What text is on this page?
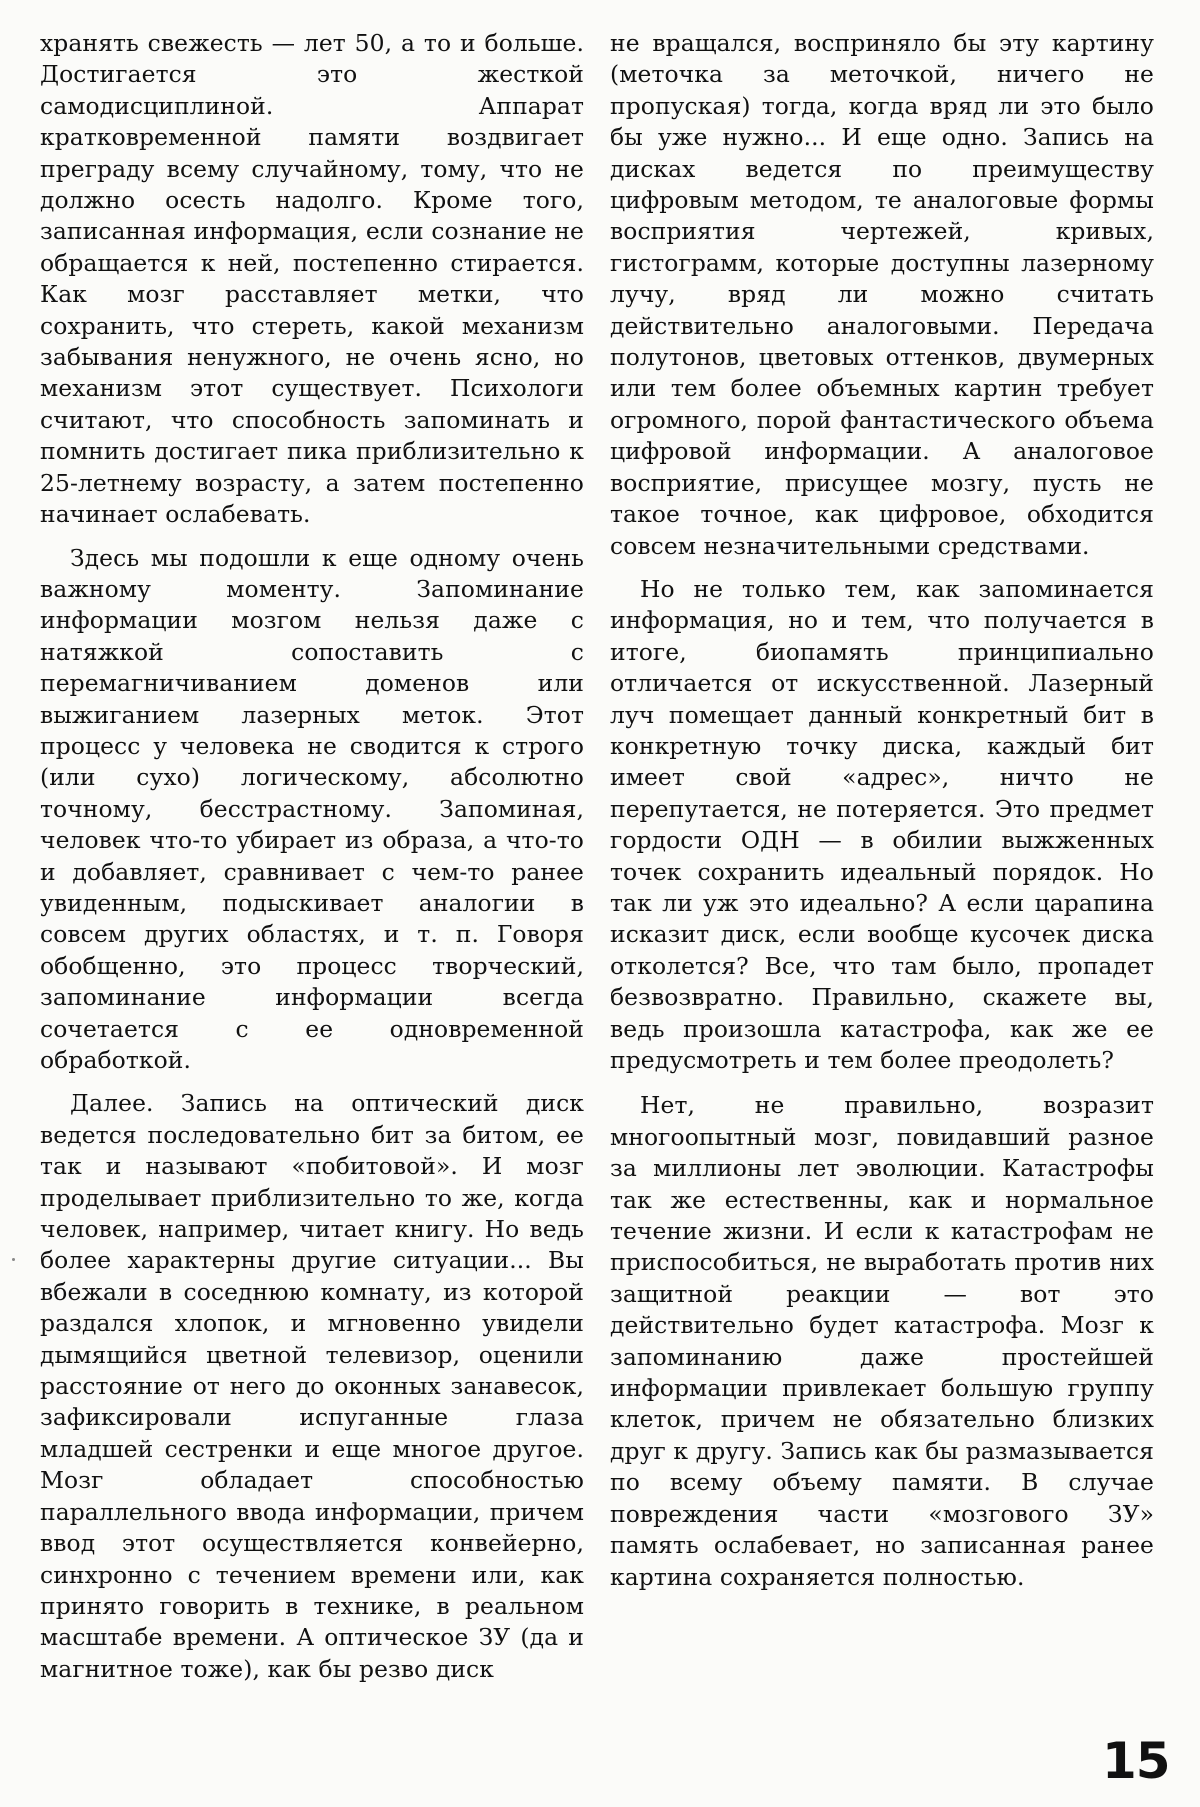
хранять свежесть — лет 50, а то и больше. Достигается это жесткой самодисциплиной. Аппарат кратковременной памяти воздвигает преграду всему случайному, тому, что не должно осесть надолго. Кроме того, записанная информация, если сознание не обращается к ней, постепенно стирается. Как мозг расставляет метки, что сохранить, что стереть, какой механизм забывания ненужного, не очень ясно, но механизм этот существует. Психологи считают, что способность запоминать и помнить достигает пика приблизительно к 25-летнему возрасту, а затем постепенно начинает ослабевать.

Здесь мы подошли к еще одному очень важному моменту. Запоминание информации мозгом нельзя даже с натяжкой сопоставить с перемагничиванием доменов или выжиганием лазерных меток. Этот процесс у человека не сводится к строго (или сухо) логическому, абсолютно точному, бесстрастному. Запоминая, человек что-то убирает из образа, а что-то и добавляет, сравнивает с чем-то ранее увиденным, подыскивает аналогии в совсем других областях, и т. п. Говоря обобщенно, это процесс творческий, запоминание информации всегда сочетается с ее одновременной обработкой.

Далее. Запись на оптический диск ведется последовательно бит за битом, ее так и называют «побитовой». И мозг проделывает приблизительно то же, когда человек, например, читает книгу. Но ведь более характерны другие ситуации... Вы вбежали в соседнюю комнату, из которой раздался хлопок, и мгновенно увидели дымящийся цветной телевизор, оценили расстояние от него до оконных занавесок, зафиксировали испуганные глаза младшей сестренки и еще многое другое. Мозг обладает способностью параллельного ввода информации, причем ввод этот осуществляется конвейерно, синхронно с течением времени или, как принято говорить в технике, в реальном масштабе времени. А оптическое ЗУ (да и магнитное тоже), как бы резво диск

не вращался, восприняло бы эту картину (меточка за меточкой, ничего не пропуская) тогда, когда вряд ли это было бы уже нужно... И еще одно. Запись на дисках ведется по преимуществу цифровым методом, те аналоговые формы восприятия чертежей, кривых, гистограмм, которые доступны лазерному лучу, вряд ли можно считать действительно аналоговыми. Передача полутонов, цветовых оттенков, двумерных или тем более объемных картин требует огромного, порой фантастического объема цифровой информации. А аналоговое восприятие, присущее мозгу, пусть не такое точное, как цифровое, обходится совсем незначительными средствами.

Но не только тем, как запоминается информация, но и тем, что получается в итоге, биопамять принципиально отличается от искусственной. Лазерный луч помещает данный конкретный бит в конкретную точку диска, каждый бит имеет свой «адрес», ничто не перепутается, не потеряется. Это предмет гордости ОДН — в обилии выжженных точек сохранить идеальный порядок. Но так ли уж это идеально? А если царапина исказит диск, если вообще кусочек диска отколется? Все, что там было, пропадет безвозвратно. Правильно, скажете вы, ведь произошла катастрофа, как же ее предусмотреть и тем более преодолеть?

Нет, не правильно, возразит многоопытный мозг, повидавший разное за миллионы лет эволюции. Катастрофы так же естественны, как и нормальное течение жизни. И если к катастрофам не приспособиться, не выработать против них защитной реакции — вот это действительно будет катастрофа. Мозг к запоминанию даже простейшей информации привлекает большую группу клеток, причем не обязательно близких друг к другу. Запись как бы размазывается по всему объему памяти. В случае повреждения части «мозгового ЗУ» память ослабевает, но записанная ранее картина сохраняется полностью.

15
